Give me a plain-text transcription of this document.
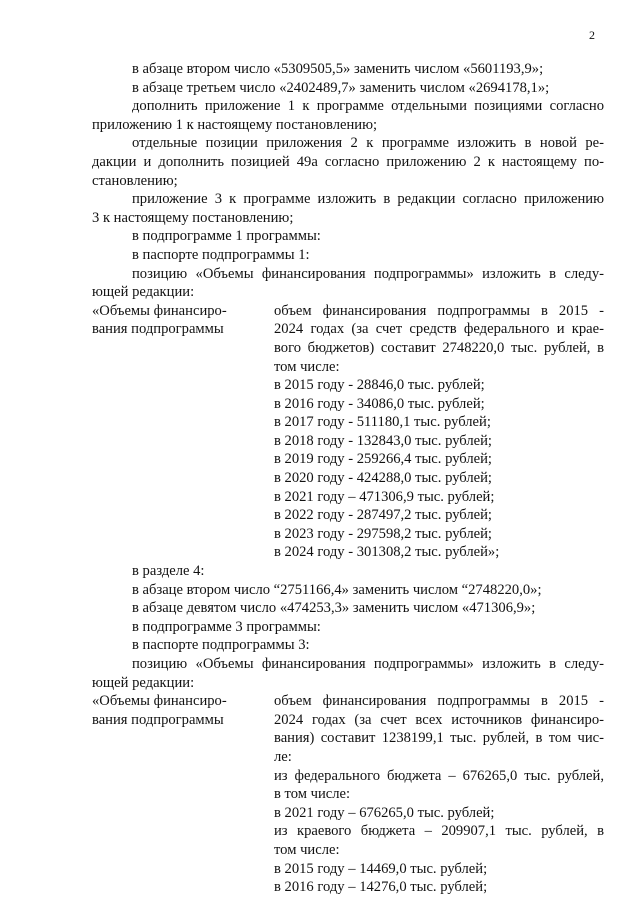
2
в абзаце втором число «5309505,5» заменить числом «5601193,9»;
в абзаце третьем число «2402489,7» заменить числом «2694178,1»;
дополнить приложение 1 к программе отдельными позициями согласно
приложению 1 к настоящему постановлению;
отдельные позиции приложения 2 к программе изложить в новой ре-
дакции и дополнить позицией 49а согласно приложению 2 к настоящему по-
становлению;
приложение 3 к программе изложить в редакции согласно приложению
3 к настоящему постановлению;
в подпрограмме 1 программы:
в паспорте подпрограммы 1:
позицию «Объемы финансирования подпрограммы» изложить в следу-
ющей редакции:
«Объемы финансиро-
вания подпрограммы
объем финансирования подпрограммы в 2015 -
2024 годах (за счет средств федерального и крае-
вого бюджетов) составит 2748220,0 тыс. рублей, в
том числе:
в 2015 году - 28846,0 тыс. рублей;
в 2016 году - 34086,0 тыс. рублей;
в 2017 году - 511180,1 тыс. рублей;
в 2018 году - 132843,0 тыс. рублей;
в 2019 году - 259266,4 тыс. рублей;
в 2020 году - 424288,0 тыс. рублей;
в 2021 году – 471306,9 тыс. рублей;
в 2022 году - 287497,2 тыс. рублей;
в 2023 году - 297598,2 тыс. рублей;
в 2024 году - 301308,2 тыс. рублей»;
в разделе 4:
в абзаце втором число “2751166,4» заменить числом “2748220,0»;
в абзаце девятом число «474253,3» заменить числом «471306,9»;
в подпрограмме 3 программы:
в паспорте подпрограммы 3:
позицию «Объемы финансирования подпрограммы» изложить в следу-
ющей редакции:
«Объемы финансиро-
вания подпрограммы
объем финансирования подпрограммы в 2015 -
2024 годах (за счет всех источников финансиро-
вания) составит 1238199,1 тыс. рублей, в том чис-
ле:
из федерального бюджета – 676265,0 тыс. рублей,
в том числе:
в 2021 году – 676265,0 тыс. рублей;
из краевого бюджета – 209907,1 тыс. рублей, в
том числе:
в 2015 году – 14469,0 тыс. рублей;
в 2016 году – 14276,0 тыс. рублей;
